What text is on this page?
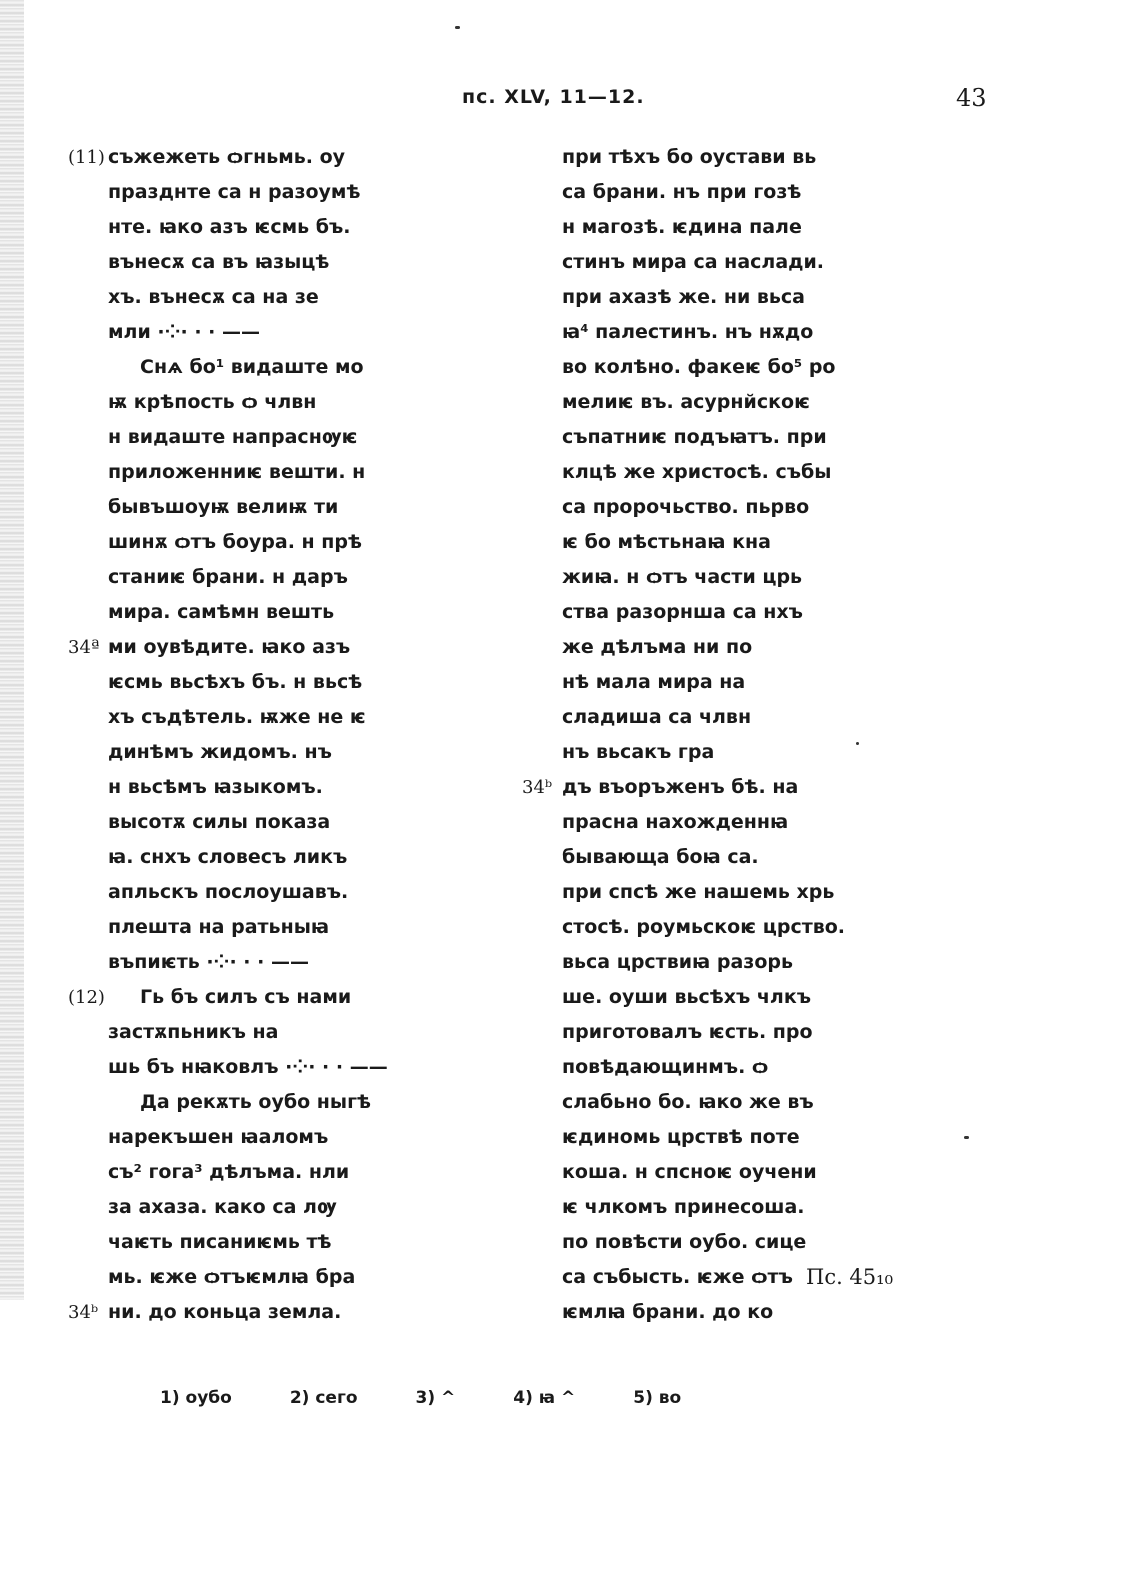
пс. XLV, 11—12.	43
(11) съжежеть ѻгньмь. оу
празднте са н разоумѣ
нте. ꙗко азъ ѥсмь бъ.
вънесѫ са въ ꙗзыцѣ
хъ. вънесѫ са на зе
мли ·⁘· · · ——
Снѧ бо¹ видаште мо
ѭ крѣпость ѻ члвн
н видаште напраснѹѥ
приложенниѥ вешти. н
бывъшоуѭ велиѭ ти
шинѫ ѻтъ боура. н прѣ
станиѥ брани. н даръ
мира. самѣмн вешть
34ª ми оувѣдите. ꙗко азъ
ѥсмь вьсѣхъ бъ. н вьсѣ
хъ съдѣтель. ѭже не ѥ
динѣмъ жидомъ. нъ
н вьсѣмъ ꙗзыкомъ.
высотѫ силы показа
ꙗ. снхъ словесъ ликъ
апльскъ послоушавъ.
плешта на ратьныꙗ
въпиѥть ·⁘· · · ——
(12) Гь бъ силъ съ нами
застѫпьникъ на
шь бъ нꙗковлъ ·⁘· · · ——
Да рекѫть оубо ныгѣ
нарекъшен ꙗаломъ
съ² гога³ дѣлъма. нли
за ахаза. како са лѹ
чаѥть писаниѥмь тѣ
мь. ѥже ѻтъѥмлꙗ бра
34ᵇ ни. до коньца земла.
при тѣхъ бо оустави вь
са брани. нъ при гозѣ
н магозѣ. ѥдина пале
стинъ мира са наслади.
при ахазѣ же. ни вьса
ꙗ⁴ палестинъ. нъ нѫдо
во колѣно. факеѥ бо⁵ ро
мелиѥ въ. асурнйскоѥ
съпатниѥ подъꙗтъ. при
клцѣ же христосѣ. събы
са пророчьство. пьрво
ѥ бо мѣстьнаꙗ кна
жиꙗ. н ѻтъ части црь
ства разорнша са нхъ
же дѣлъма ни по
нѣ мала мира на
сладиша са члвн
нъ вьсакъ гра
34ᵇ дъ въоръженъ бѣ. на
прасна нахожденнꙗ
бывающа боꙗ са.
при спсѣ же нашемь хрь
стосѣ. роумьскоѥ црство.
вьса црствиꙗ разорь
ше. оуши вьсѣхъ члкъ
приготовалъ ѥсть. про
повѣдающинмъ. ѻ
слабьно бо. ꙗко же въ
ѥдиномь црствѣ поте
коша. н спсноѥ оучени
ѥ члкомъ принесоша.
по повѣсти оубо. сице
са събысть. ѥже ѻтъ Пс. 45₁₀
ѥмлꙗ брани. до ко
1) оубо	2) сего	3) ^	4) ꙗ ^	5) во
